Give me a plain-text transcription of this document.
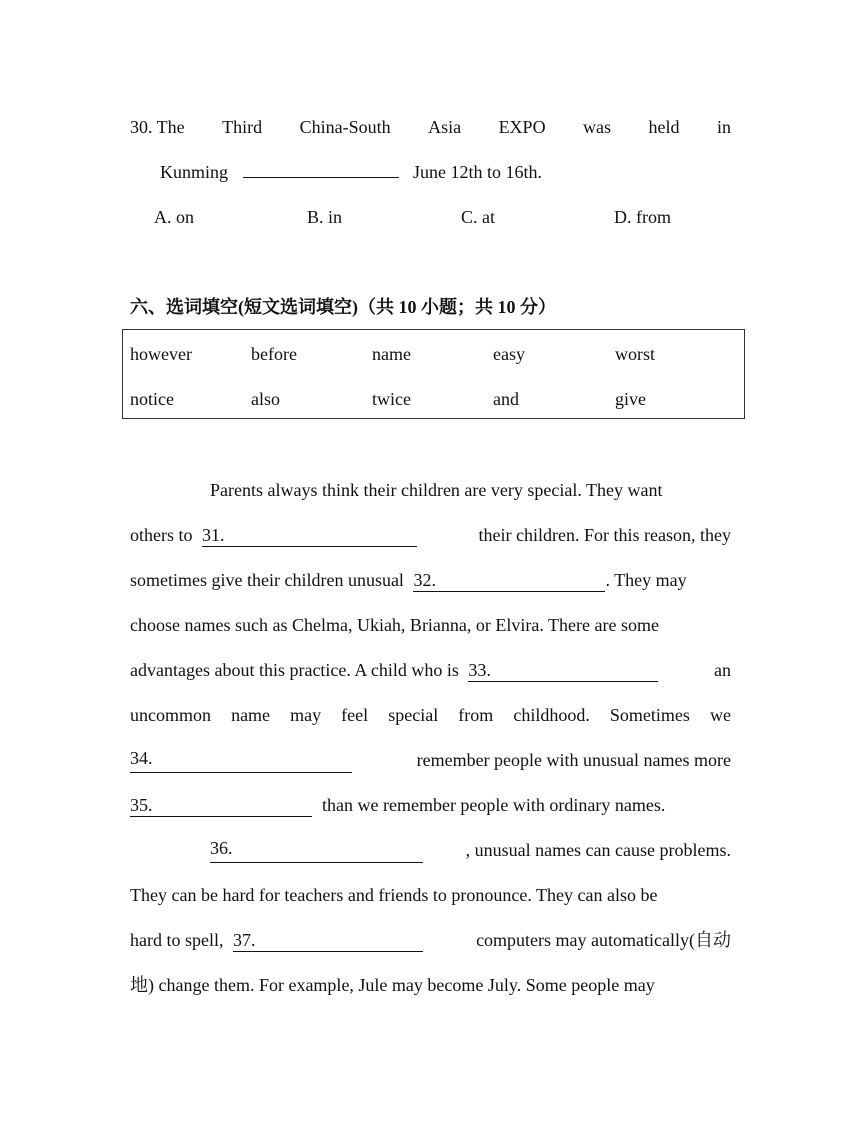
30. The Third China-South Asia EXPO was held in
Kunming	June 12th to 16th.
A. on	B. in	C. at	D. from
六、选词填空(短文选词填空)（共 10 小题；共 10 分）
however	before	name	easy	worst
notice	also	twice	and	give
Parents always think their children are very special. They want
others to 31.	their children. For this reason, they
sometimes give their children unusual 32.	. They may
choose names such as Chelma, Ukiah, Brianna, or Elvira. There are some
advantages about this practice. A child who is 33.	an
uncommon name may feel special from childhood. Sometimes we
34.	remember people with unusual names more
35.	than we remember people with ordinary names.
36.	, unusual names can cause problems.
They can be hard for teachers and friends to pronounce. They can also be
hard to spell, 37.	computers may automatically(自动
地) change them. For example, Jule may become July. Some people may
